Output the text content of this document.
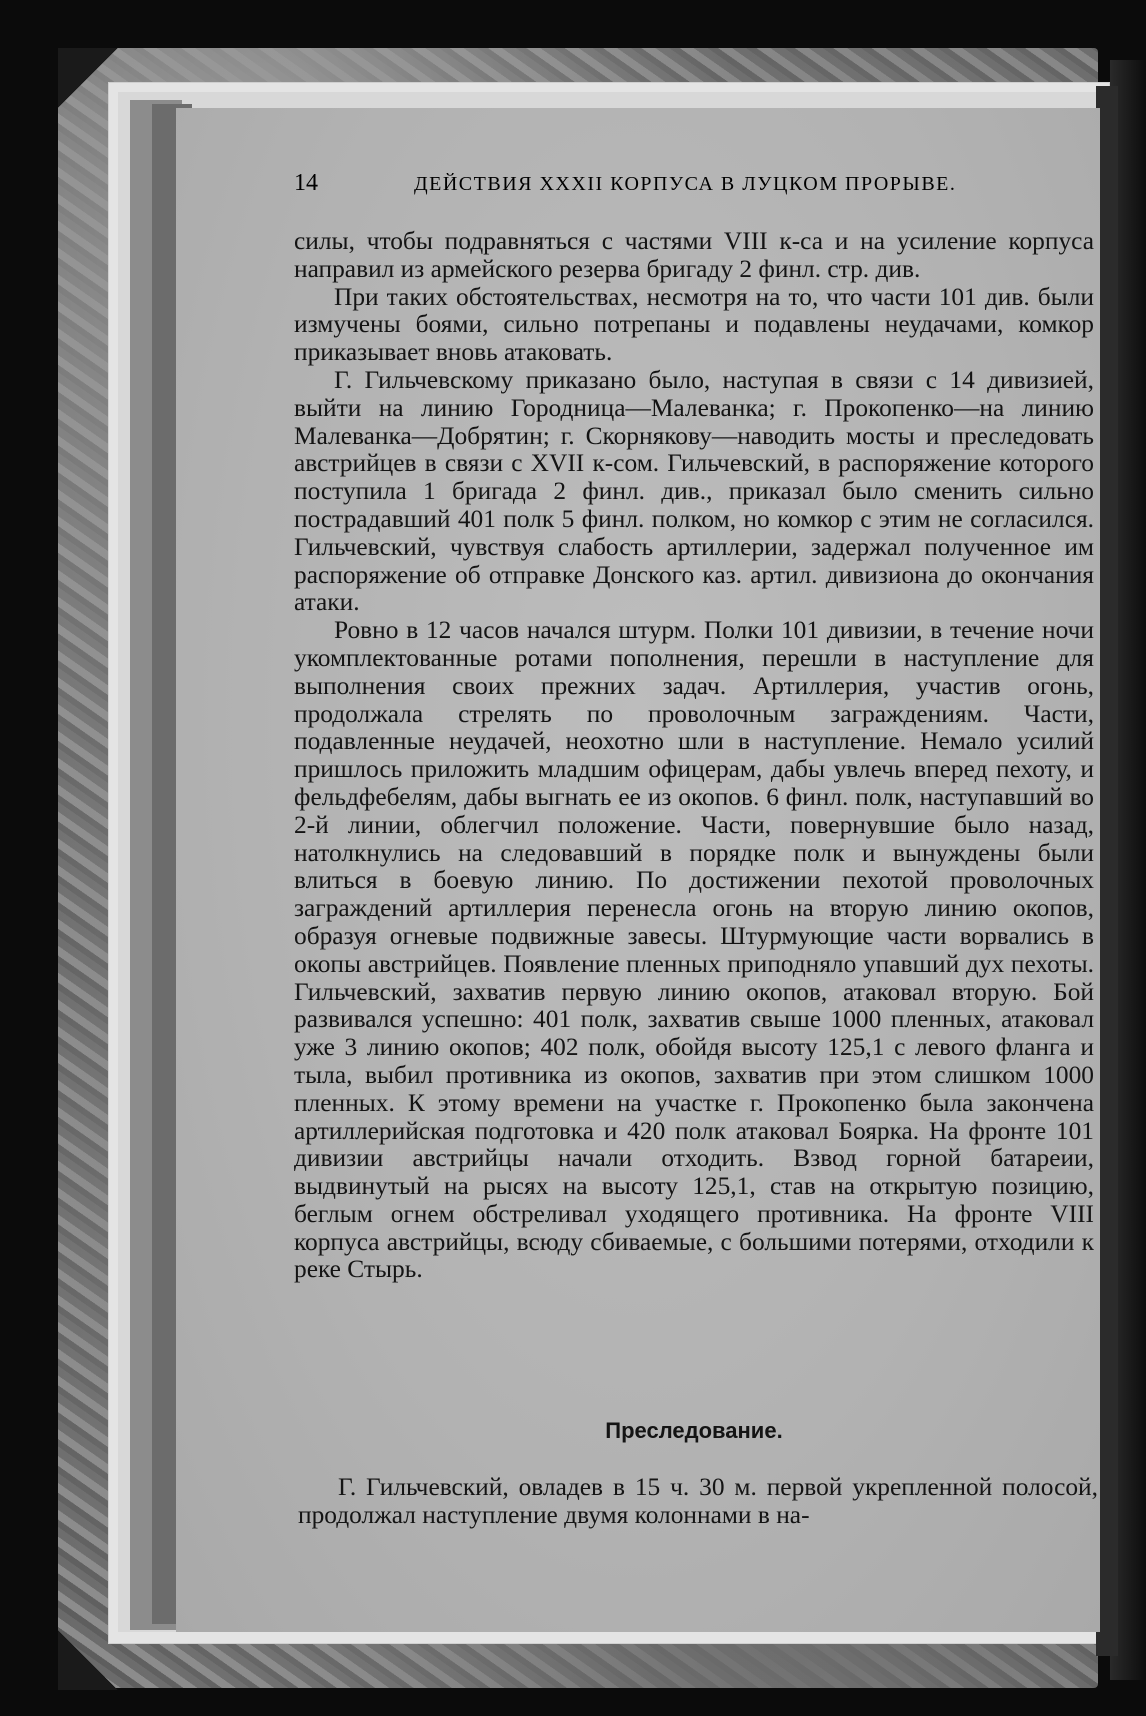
14	ДЕЙСТВИЯ XXXII КОРПУСА В ЛУЦКОМ ПРОРЫВЕ.

силы, чтобы подравняться с частями VIII к-са и на усиление корпуса направил из армейского резерва бригаду 2 финл. стр. див.

При таких обстоятельствах, несмотря на то, что части 101 див. были измучены боями, сильно потрепаны и подавлены неудачами, комкор приказывает вновь атаковать.

Г. Гильчевскому приказано было, наступая в связи с 14 дивизией, выйти на линию Городница—Малеванка; г. Прокопенко—на линию Малеванка—Добрятин; г. Скорнякову—наводить мосты и преследовать австрийцев в связи с XVII к-сом. Гильчевский, в распоряжение которого поступила 1 бригада 2 финл. див., приказал было сменить сильно пострадавший 401 полк 5 финл. полком, но комкор с этим не согласился. Гильчевский, чувствуя слабость артиллерии, задержал полученное им распоряжение об отправке Донского каз. артил. дивизиона до окончания атаки.

Ровно в 12 часов начался штурм. Полки 101 дивизии, в течение ночи укомплектованные ротами пополнения, перешли в наступление для выполнения своих прежних задач. Артиллерия, участив огонь, продолжала стрелять по проволочным заграждениям. Части, подавленные неудачей, неохотно шли в наступление. Немало усилий пришлось приложить младшим офицерам, дабы увлечь вперед пехоту, и фельдфебелям, дабы выгнать ее из окопов. 6 финл. полк, наступавший во 2-й линии, облегчил положение. Части, повернувшие было назад, натолкнулись на следовавший в порядке полк и вынуждены были влиться в боевую линию. По достижении пехотой проволочных заграждений артиллерия перенесла огонь на вторую линию окопов, образуя огневые подвижные завесы. Штурмующие части ворвались в окопы австрийцев. Появление пленных приподняло упавший дух пехоты. Гильчевский, захватив первую линию окопов, атаковал вторую. Бой развивался успешно: 401 полк, захватив свыше 1000 пленных, атаковал уже 3 линию окопов; 402 полк, обойдя высоту 125,1 с левого фланга и тыла, выбил противника из окопов, захватив при этом слишком 1000 пленных. К этому времени на участке г. Прокопенко была закончена артиллерийская подготовка и 420 полк атаковал Боярка. На фронте 101 дивизии австрийцы начали отходить. Взвод горной батареии, выдвинутый на рысях на высоту 125,1, став на открытую позицию, беглым огнем обстреливал уходящего противника. На фронте VIII корпуса австрийцы, всюду сбиваемые, с большими потерями, отходили к реке Стырь.

Преследование.

Г. Гильчевский, овладев в 15 ч. 30 м. первой укрепленной полосой, продолжал наступление двумя колоннами в на-
